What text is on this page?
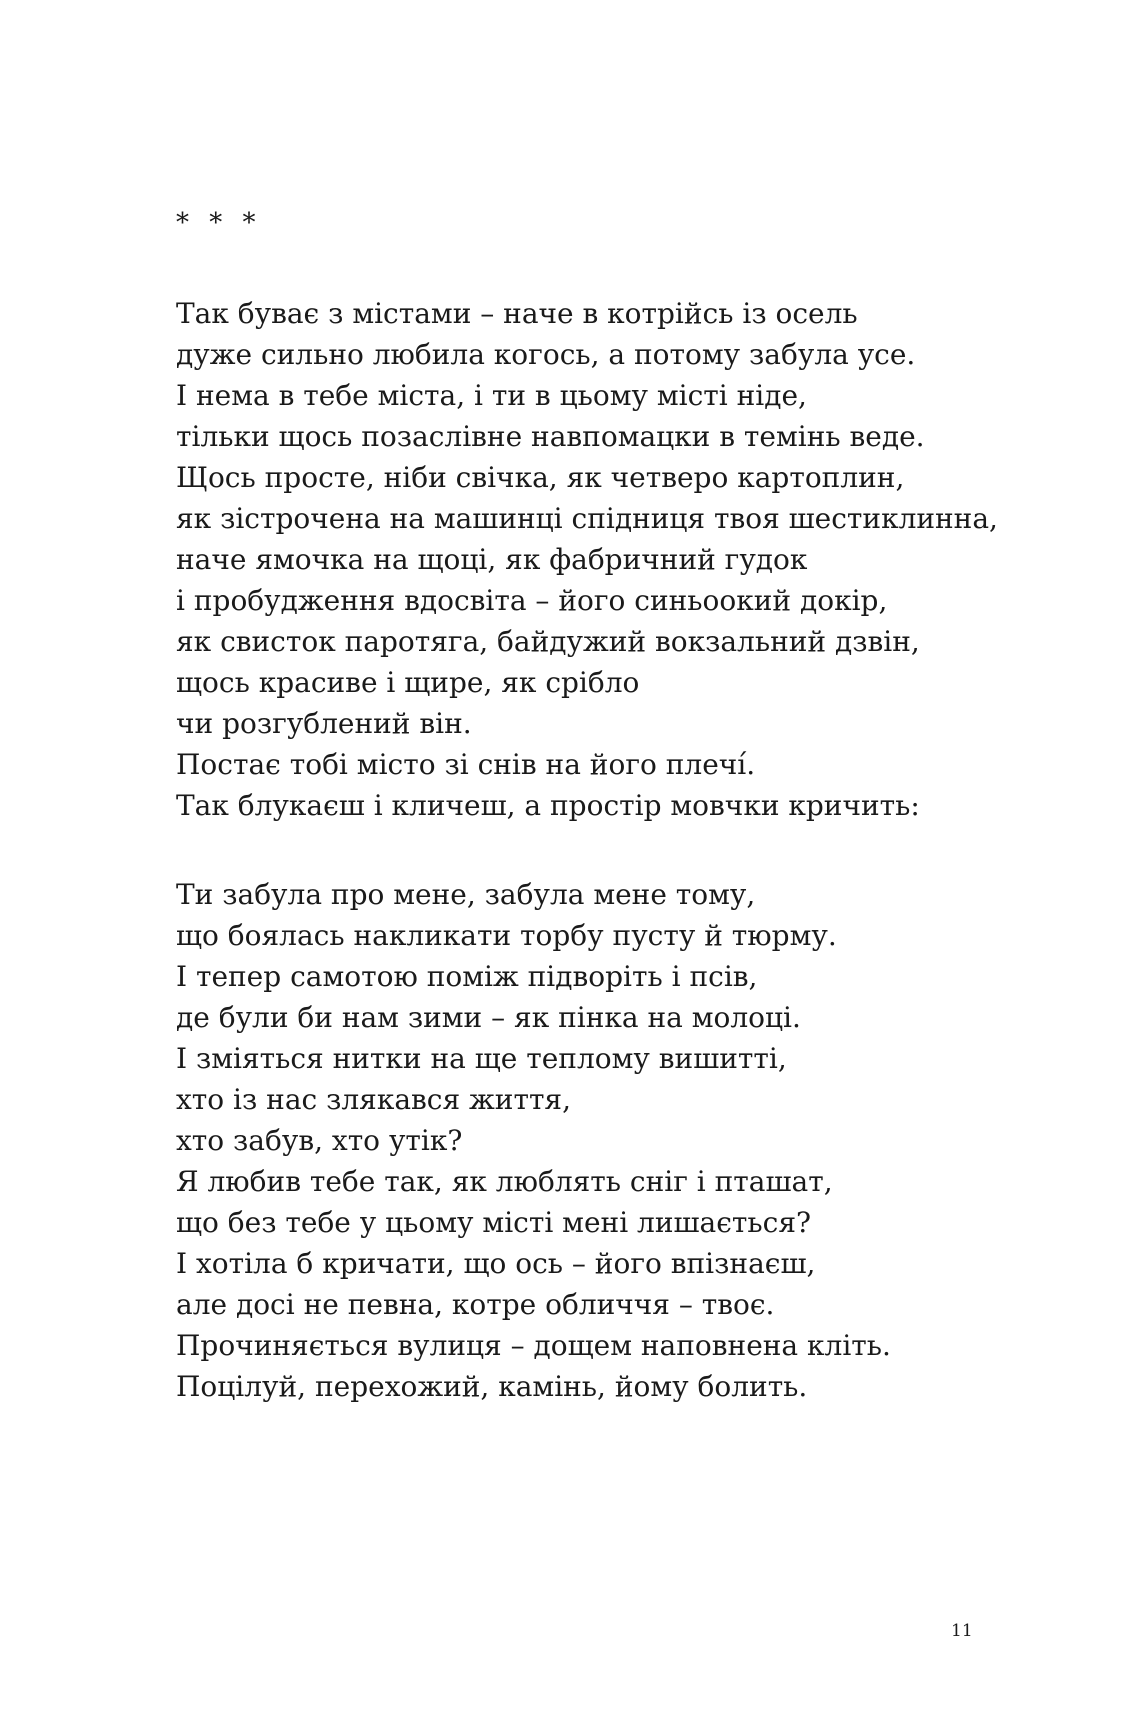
* * *
Так буває з містами – наче в котрійсь із осель
дуже сильно любила когось, а потому забула усе.
І нема в тебе міста, і ти в цьому місті ніде,
тільки щось позаслівне навпомацки в темінь веде.
Щось просте, ніби свічка, як четверо картоплин,
як зістрочена на машинці спідниця твоя шестиклинна,
наче ямочка на щоці, як фабричний гудок
і пробудження вдосвіта – його синьоокий докір,
як свисток паротяга, байдужий вокзальний дзвін,
щось красиве і щире, як срібло
чи розгублений він.
Постає тобі місто зі снів на його плечі́.
Так блукаєш і кличеш, а простір мовчки кричить:
Ти забула про мене, забула мене тому,
що боялась накликати торбу пусту й тюрму.
І тепер самотою поміж підворіть і псів,
де були би нам зими – як пінка на молоці.
І зміяться нитки на ще теплому вишитті,
хто із нас злякався життя,
хто забув, хто утік?
Я любив тебе так, як люблять сніг і пташат,
що без тебе у цьому місті мені лишається?
І хотіла б кричати, що ось – його впізнаєш,
але досі не певна, котре обличчя – твоє.
Прочиняється вулиця – дощем наповнена кліть.
Поцілуй, перехожий, камінь, йому болить.
11
